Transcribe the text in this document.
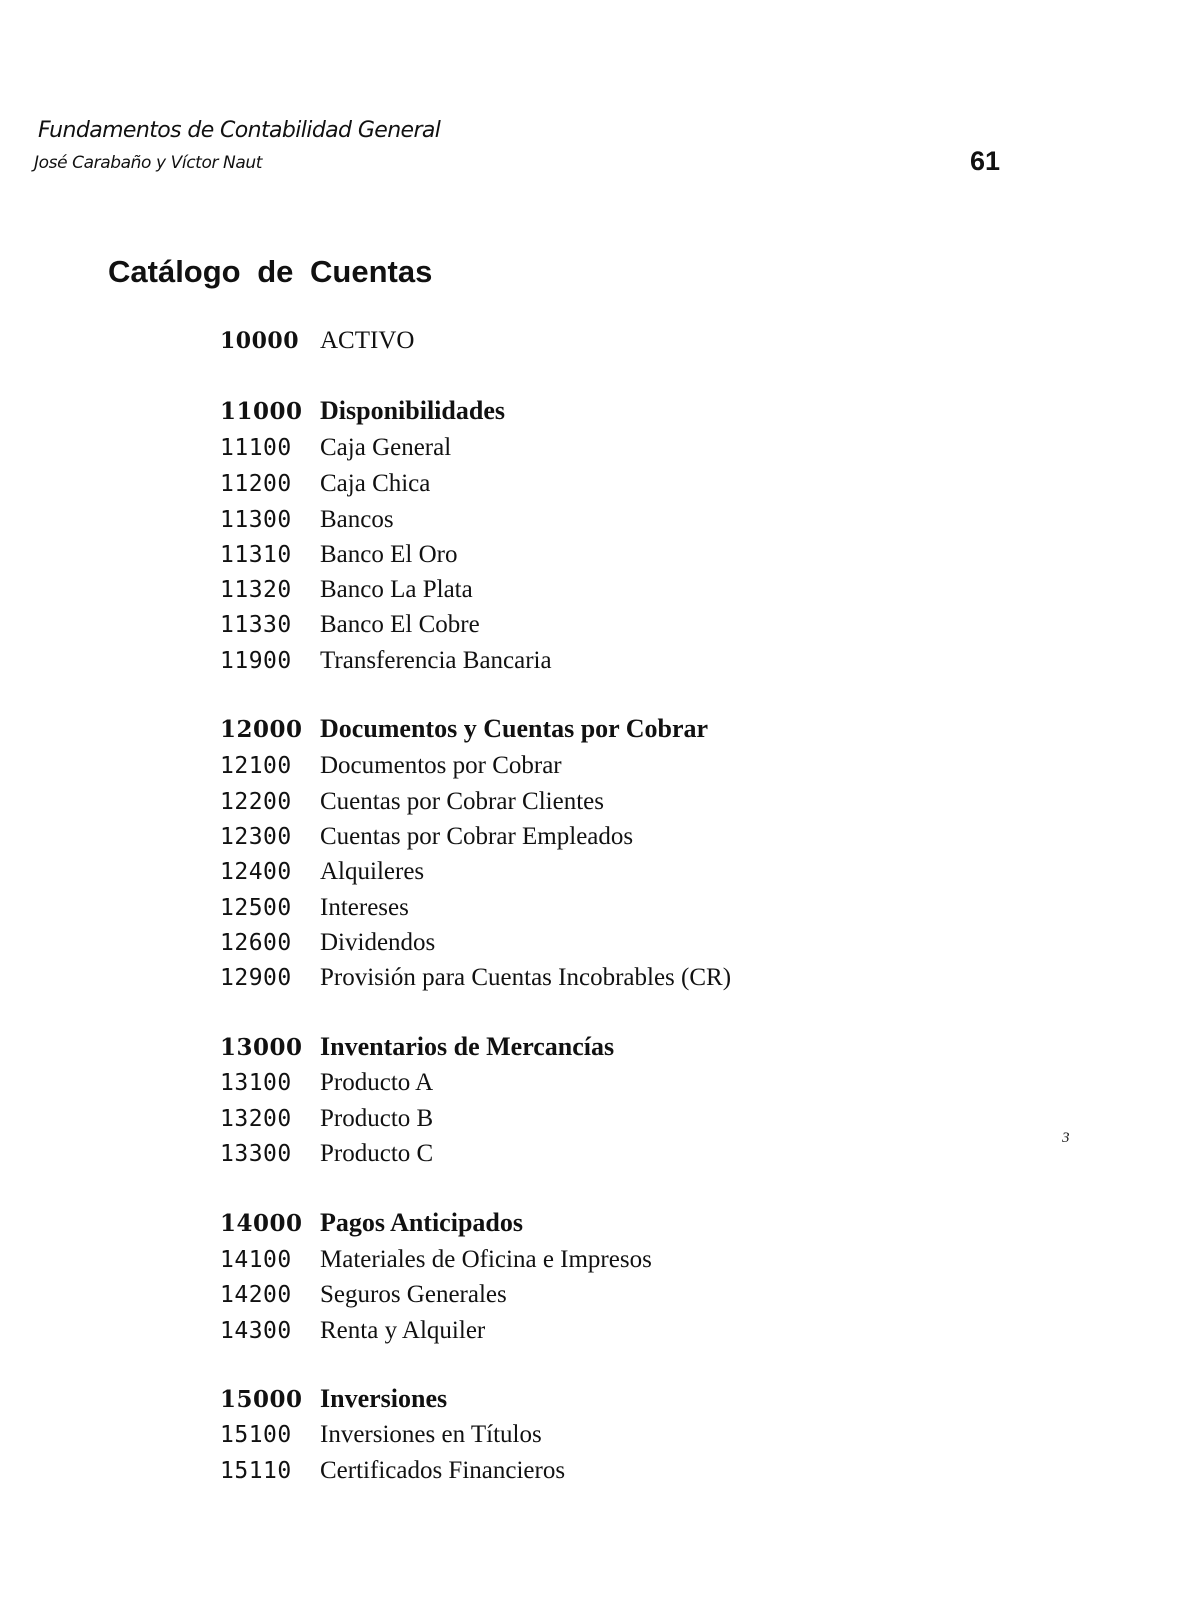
Fundamentos de Contabilidad General
José Carabaño y Víctor Naut	61
Catálogo de Cuentas
10000 ACTIVO
11000 Disponibilidades
11100 Caja General
11200 Caja Chica
11300 Bancos
11310 Banco El Oro
11320 Banco La Plata
11330 Banco El Cobre
11900 Transferencia Bancaria
12000 Documentos y Cuentas por Cobrar
12100 Documentos por Cobrar
12200 Cuentas por Cobrar Clientes
12300 Cuentas por Cobrar Empleados
12400 Alquileres
12500 Intereses
12600 Dividendos
12900 Provisión para Cuentas Incobrables (CR)
13000 Inventarios de Mercancías
13100 Producto A
13200 Producto B
13300 Producto C
14000 Pagos Anticipados
14100 Materiales de Oficina e Impresos
14200 Seguros Generales
14300 Renta y Alquiler
15000 Inversiones
15100 Inversiones en Títulos
15110 Certificados Financieros
3
